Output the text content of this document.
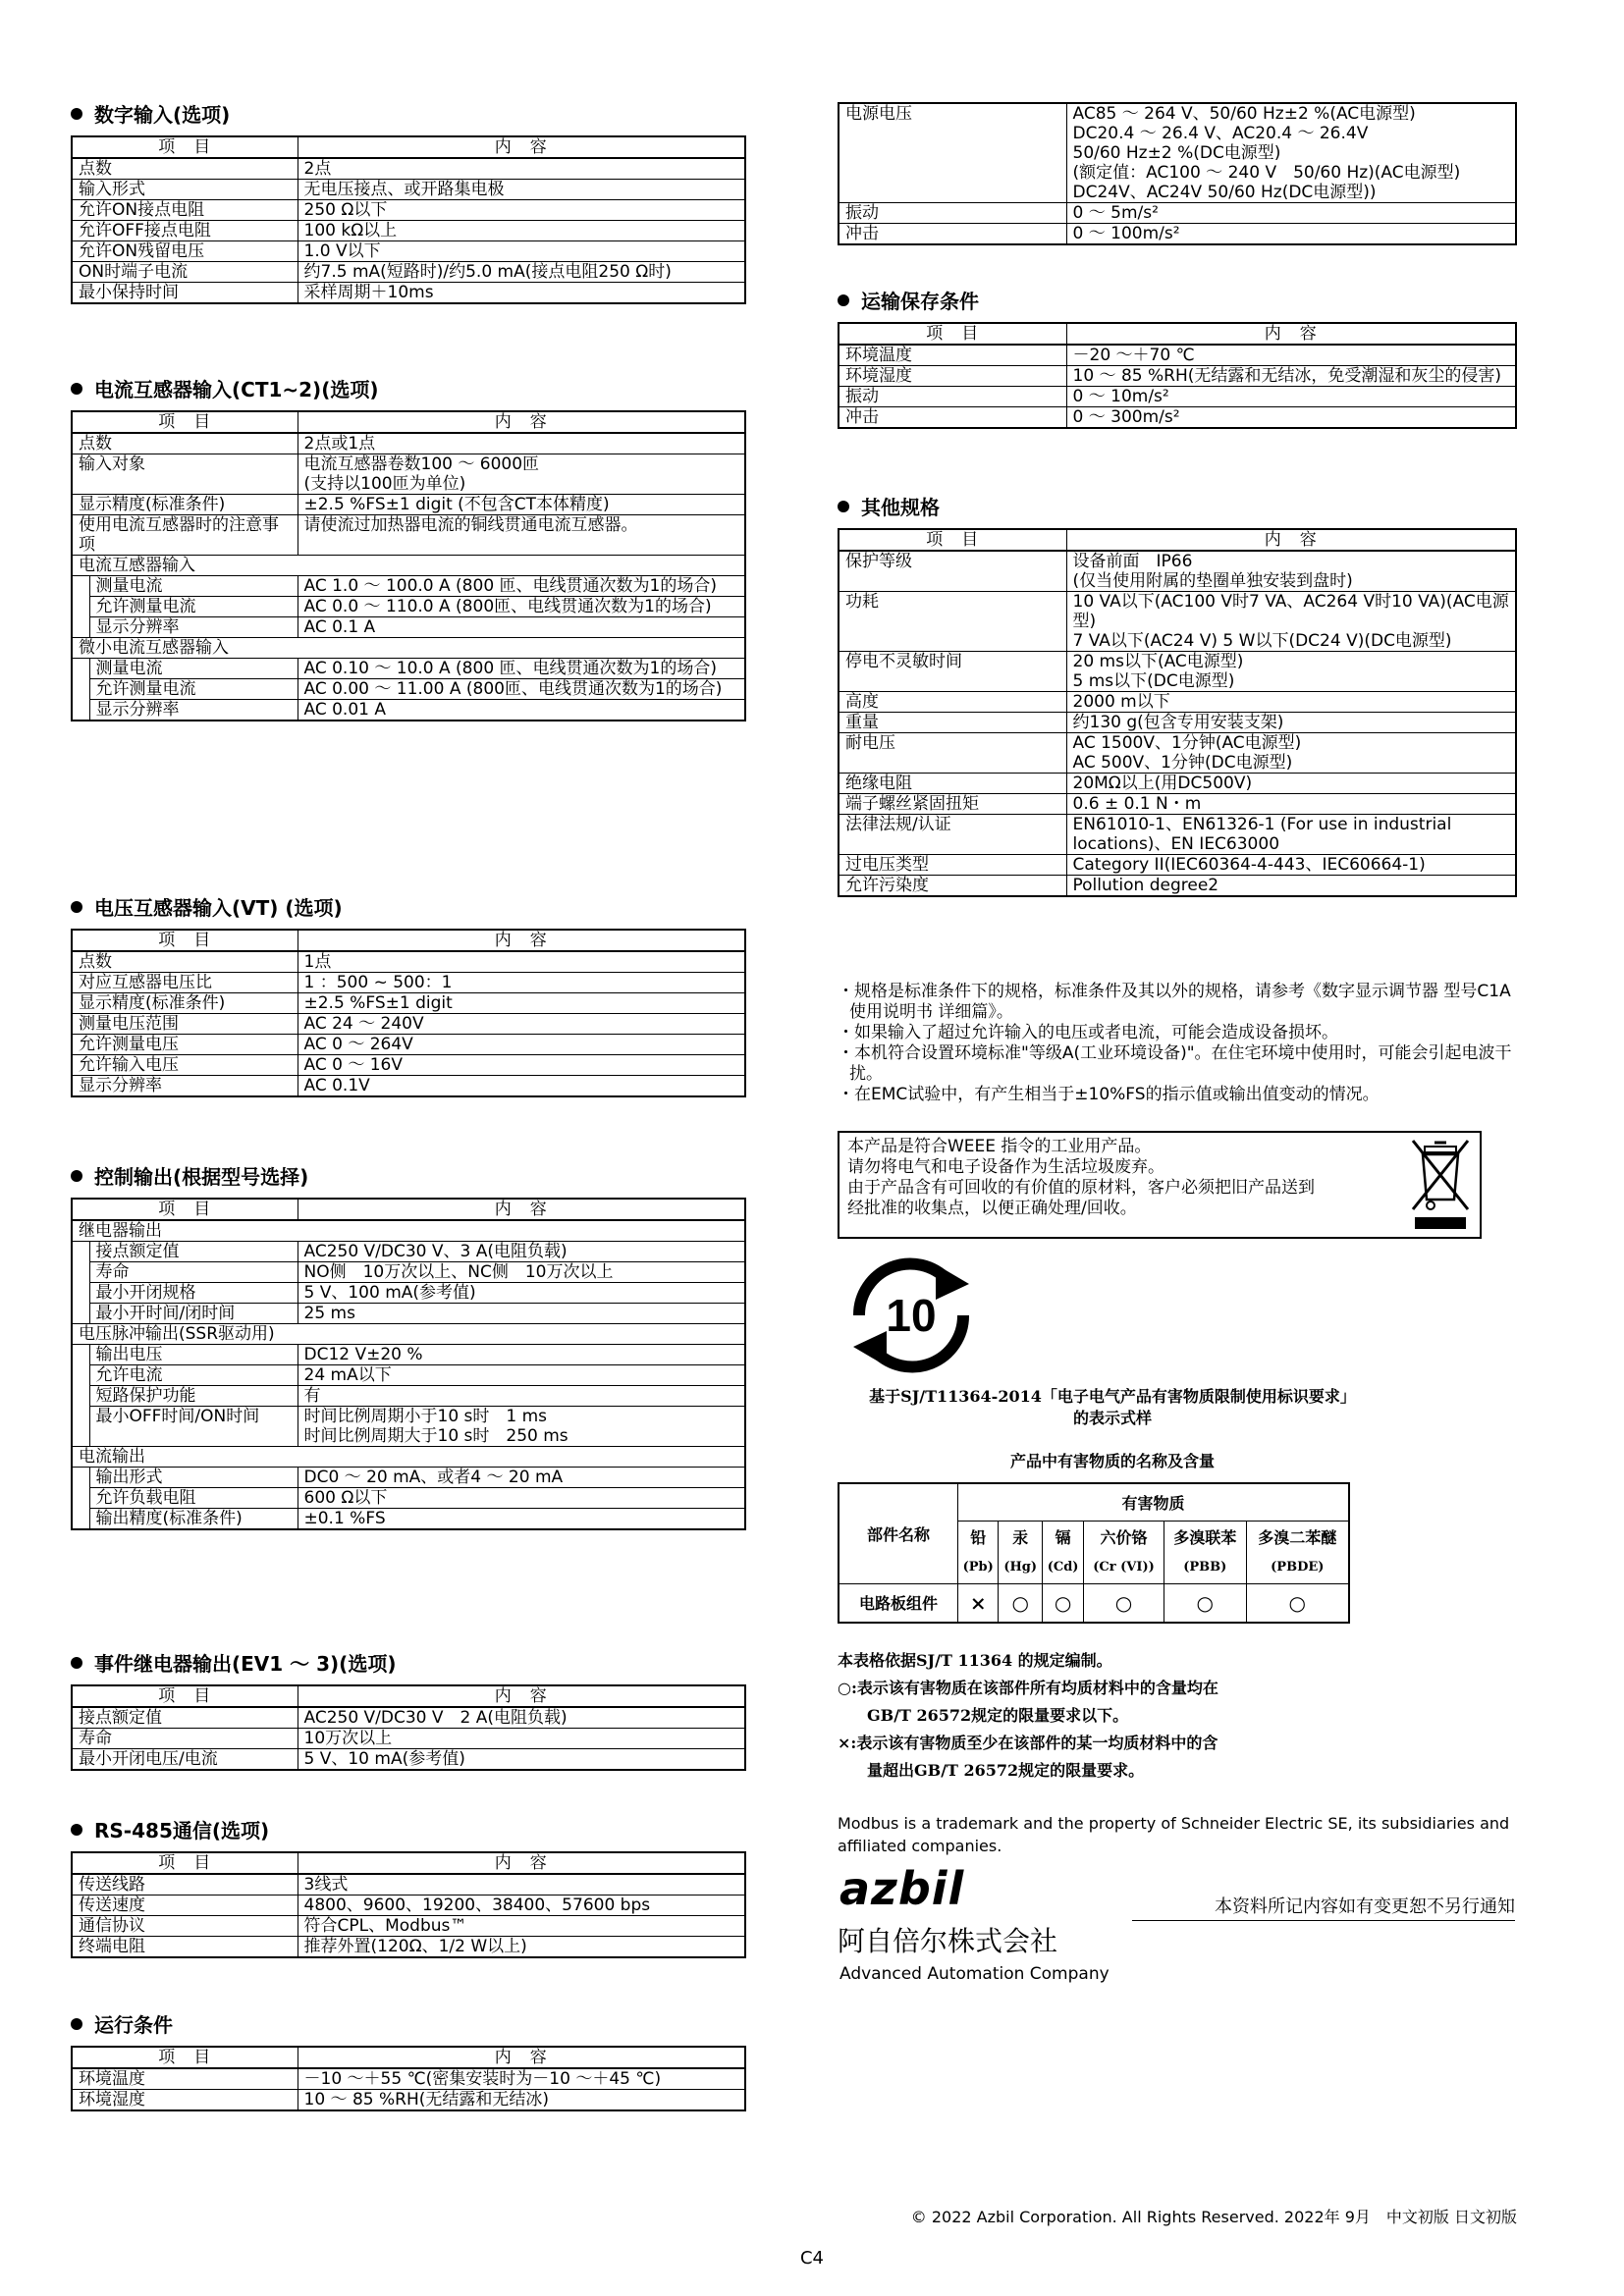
数字输入(选项)
项　目	内　容
点数	2点
输入形式	无电压接点、或开路集电极
允许ON接点电阻	250 Ω以下
允许OFF接点电阻	100 kΩ以上
允许ON残留电压	1.0 V以下
ON时端子电流	约7.5 mA(短路时)/约5.0 mA(接点电阻250 Ω时)
最小保持时间	采样周期＋10ms
电流互感器输入(CT1~2)(选项)
项　目		内　容
点数		2点或1点
输入对象		电流互感器卷数100 ～ 6000匝
(支持以100匝为单位)
显示精度(标准条件)		±2.5 %FS±1 digit (不包含CT本体精度)
使用电流互感器时的注意事项		请使流过加热器电流的铜线贯通电流互感器。
电流互感器输入		
	测量电流	AC 1.0 ～ 100.0 A (800 匝、电线贯通次数为1的场合)
	允许测量电流	AC 0.0 ～ 110.0 A (800匝、电线贯通次数为1的场合)
	显示分辨率	AC 0.1 A
微小电流互感器输入		
	测量电流	AC 0.10 ～ 10.0 A (800 匝、电线贯通次数为1的场合)
	允许测量电流	AC 0.00 ～ 11.00 A (800匝、电线贯通次数为1的场合)
	显示分辨率	AC 0.01 A
电压互感器输入(VT) (选项)
项　目	内　容
点数	1点
对应互感器电压比	1 ：500 ~ 500：1
显示精度(标准条件)	±2.5 %FS±1 digit
测量电压范围	AC 24 ～ 240V
允许测量电压	AC 0 ～ 264V
允许输入电压	AC 0 ～ 16V
显示分辨率	AC 0.1V
控制输出(根据型号选择)
项　目		内　容
继电器输出		
	接点额定值	AC250 V/DC30 V、3 A(电阻负载)
	寿命	NO侧　10万次以上、NC侧　10万次以上
	最小开闭规格	5 V、100 mA(参考值)
	最小开时间/闭时间	25 ms
电压脉冲输出(SSR驱动用)		
	输出电压	DC12 V±20 %
	允许电流	24 mA以下
	短路保护功能	有
	最小OFF时间/ON时间	时间比例周期小于10 s时　1 ms
时间比例周期大于10 s时　250 ms
电流输出		
	输出形式	DC0 ～ 20 mA、或者4 ～ 20 mA
	允许负载电阻	600 Ω以下
	输出精度(标准条件)	±0.1 %FS
事件继电器输出(EV1 ～ 3)(选项)
项　目	内　容
接点额定值	AC250 V/DC30 V　2 A(电阻负载)
寿命	10万次以上
最小开闭电压/电流	5 V、10 mA(参考值)
RS-485通信(选项)
项　目	内　容
传送线路	3线式
传送速度	4800、9600、19200、38400、57600 bps
通信协议	符合CPL、Modbus™
终端电阻	推荐外置(120Ω、1/2 W以上)
运行条件
项　目	内　容
环境温度	－10 ～＋55 ℃(密集安装时为－10 ～＋45 ℃)
环境湿度	10 ～ 85 %RH(无结露和无结冰)
电源电压	AC85 ～ 264 V、50/60 Hz±2 %(AC电源型)
DC20.4 ～ 26.4 V、AC20.4 ～ 26.4V
50/60 Hz±2 %(DC电源型)
(额定值：AC100 ～ 240 V　50/60 Hz)(AC电源型)
DC24V、AC24V 50/60 Hz(DC电源型))
振动	0 ～ 5m/s²
冲击	0 ～ 100m/s²
运输保存条件
项　目	内　容
环境温度	－20 ～＋70 ℃
环境湿度	10 ～ 85 %RH(无结露和无结冰，免受潮湿和灰尘的侵害)
振动	0 ～ 10m/s²
冲击	0 ～ 300m/s²
其他规格
项　目	内　容
保护等级	设备前面　IP66
(仅当使用附属的垫圈单独安装到盘时)
功耗	10 VA以下(AC100 V时7 VA、AC264 V时10 VA)(AC电源型)
7 VA以下(AC24 V) 5 W以下(DC24 V)(DC电源型)
停电不灵敏时间	20 ms以下(AC电源型)
5 ms以下(DC电源型)
高度	2000 m以下
重量	约130 g(包含专用安装支架)
耐电压	AC 1500V、1分钟(AC电源型)
AC 500V、1分钟(DC电源型)
绝缘电阻	20MΩ以上(用DC500V)
端子螺丝紧固扭矩	0.6 ± 0.1 N・m
法律法规/认证	EN61010-1、EN61326-1 (For use in industrial locations)、EN IEC63000
过电压类型	Category II(IEC60364-4-443、IEC60664-1)
允许污染度	Pollution degree2
・规格是标准条件下的规格，标准条件及其以外的规格，请参考《数字显示调节器 型号C1A 使用说明书 详细篇》。
・如果输入了超过允许输入的电压或者电流，可能会造成设备损坏。
・本机符合设置环境标准"等级A(工业环境设备)"。在住宅环境中使用时，可能会引起电波干扰。
・在EMC试验中，有产生相当于±10%FS的指示值或输出值变动的情况。
本产品是符合WEEE 指令的工业用产品。
请勿将电气和电子设备作为生活垃圾废弃。
由于产品含有可回收的有价值的原材料，客户必须把旧产品送到
经批准的收集点，以便正确处理/回收。
10
基于SJ/T11364-2014「电子电气产品有害物质限制使用标识要求」
的表示式样
产品中有害物质的名称及含量
部件名称	有害物质					
	铅	汞	镉	六价铬	多溴联苯	多溴二苯醚
	(Pb)	(Hg)	(Cd)	(Cr (VI))	(PBB)	(PBDE)
电路板组件	×	○	○	○	○	○
本表格依据SJ/T 11364 的规定编制。
○:表示该有害物质在该部件所有均质材料中的含量均在
GB/T 26572规定的限量要求以下。
×:表示该有害物质至少在该部件的某一均质材料中的含
量超出GB/T 26572规定的限量要求。
Modbus is a trademark and the property of Schneider Electric SE, its subsidiaries and affiliated companies.
azbil	本资料所记内容如有变更恕不另行通知
阿自倍尔株式会社
Advanced Automation Company
© 2022 Azbil Corporation. All Rights Reserved. 2022年 9月　中文初版 日文初版
C4
